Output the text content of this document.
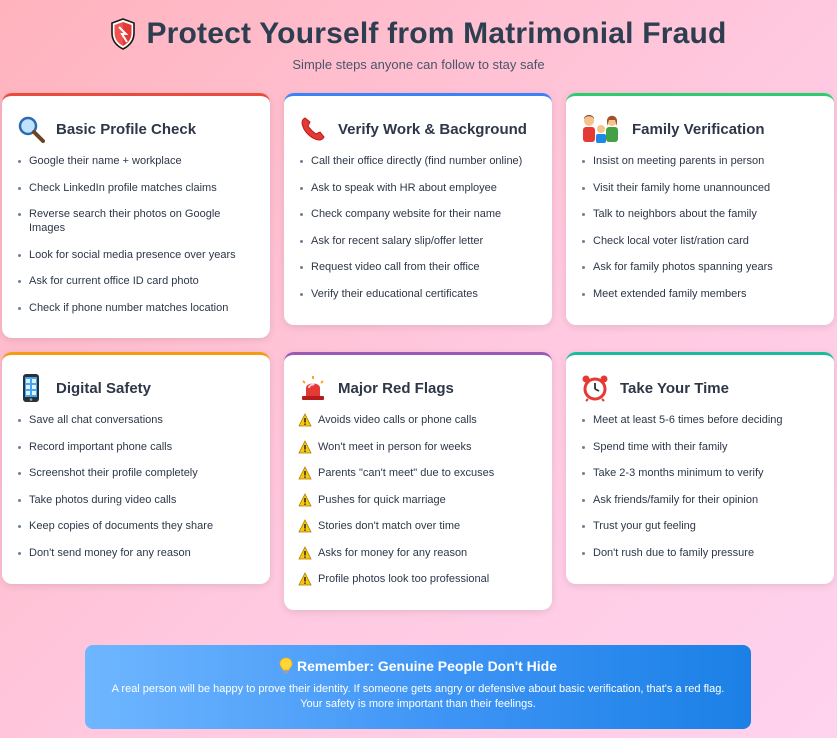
Protect Yourself from Matrimonial Fraud
Simple steps anyone can follow to stay safe
Basic Profile Check
Google their name + workplace
Check LinkedIn profile matches claims
Reverse search their photos on Google Images
Look for social media presence over years
Ask for current office ID card photo
Check if phone number matches location
Verify Work & Background
Call their office directly (find number online)
Ask to speak with HR about employee
Check company website for their name
Ask for recent salary slip/offer letter
Request video call from their office
Verify their educational certificates
Family Verification
Insist on meeting parents in person
Visit their family home unannounced
Talk to neighbors about the family
Check local voter list/ration card
Ask for family photos spanning years
Meet extended family members
Digital Safety
Save all chat conversations
Record important phone calls
Screenshot their profile completely
Take photos during video calls
Keep copies of documents they share
Don't send money for any reason
Major Red Flags
Avoids video calls or phone calls
Won't meet in person for weeks
Parents "can't meet" due to excuses
Pushes for quick marriage
Stories don't match over time
Asks for money for any reason
Profile photos look too professional
Take Your Time
Meet at least 5-6 times before deciding
Spend time with their family
Take 2-3 months minimum to verify
Ask friends/family for their opinion
Trust your gut feeling
Don't rush due to family pressure
Remember: Genuine People Don't Hide
A real person will be happy to prove their identity. If someone gets angry or defensive about basic verification, that's a red flag. Your safety is more important than their feelings.
